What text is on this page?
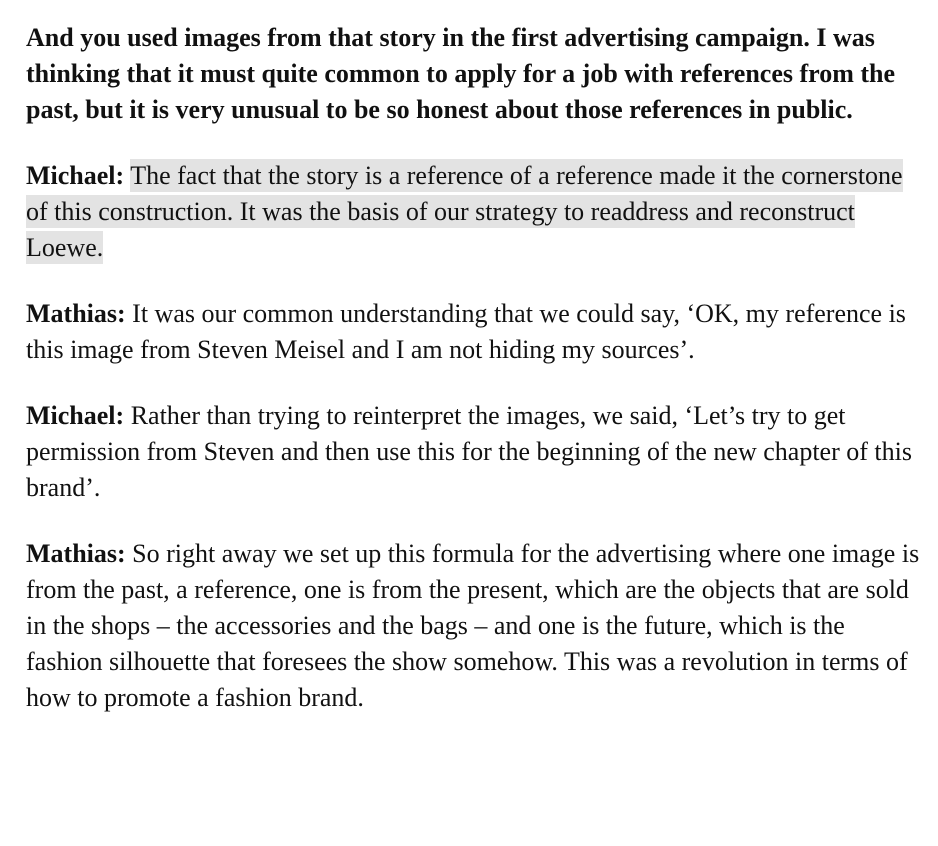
And you used images from that story in the first advertising campaign. I was thinking that it must quite common to apply for a job with references from the past, but it is very unusual to be so honest about those references in public.

Michael: The fact that the story is a reference of a reference made it the cornerstone of this construction. It was the basis of our strategy to readdress and reconstruct Loewe.

Mathias: It was our common understanding that we could say, ‘OK, my reference is this image from Steven Meisel and I am not hiding my sources’.

Michael: Rather than trying to reinterpret the images, we said, ‘Let’s try to get permission from Steven and then use this for the beginning of the new chapter of this brand’.

Mathias: So right away we set up this formula for the advertising where one image is from the past, a reference, one is from the present, which are the objects that are sold in the shops – the accessories and the bags – and one is the future, which is the fashion silhouette that foresees the show somehow. This was a revolution in terms of how to promote a fashion brand.
